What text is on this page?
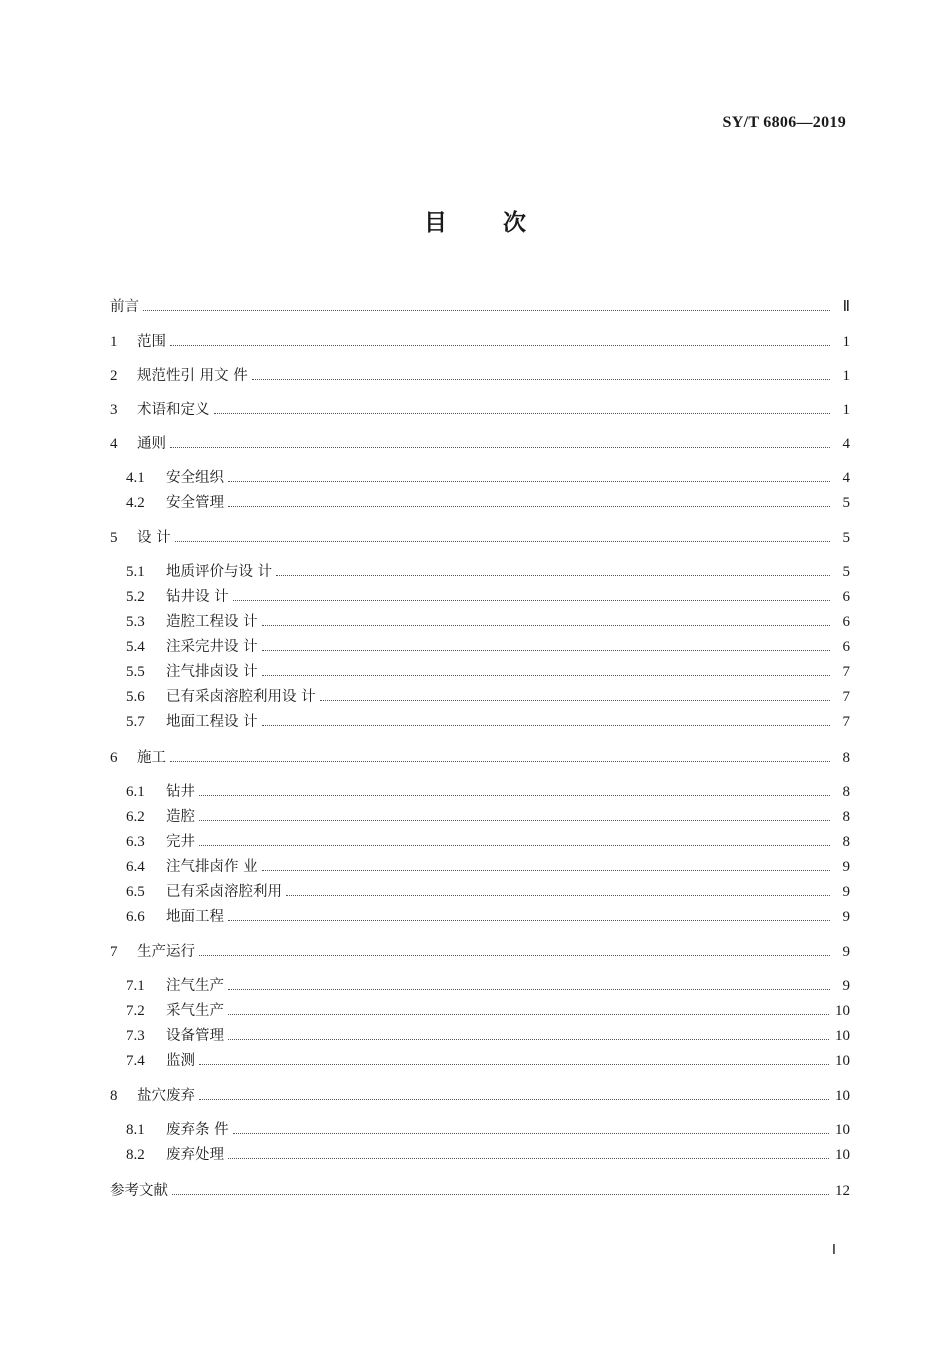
SY/T 6806—2019
目 次
前言	Ⅱ
1	范围	1
2	规范性引 用文 件	1
3	术语和定义	1
4	通则	4
4.1	安全组织	4
4.2	安全管理	5
5	设 计	5
5.1	地质评价与设 计	5
5.2	钻井设 计	6
5.3	造腔工程设 计	6
5.4	注采完井设 计	6
5.5	注气排卤设 计	7
5.6	已有采卤溶腔利用设 计	7
5.7	地面工程设 计	7
6	施工	8
6.1	钻井	8
6.2	造腔	8
6.3	完井	8
6.4	注气排卤作 业	9
6.5	已有采卤溶腔利用	9
6.6	地面工程	9
7	生产运行	9
7.1	注气生产	9
7.2	采气生产	10
7.3	设备管理	10
7.4	监测	10
8	盐穴废弃	10
8.1	废弃条 件	10
8.2	废弃处理	10
参考文献	12
Ⅰ
